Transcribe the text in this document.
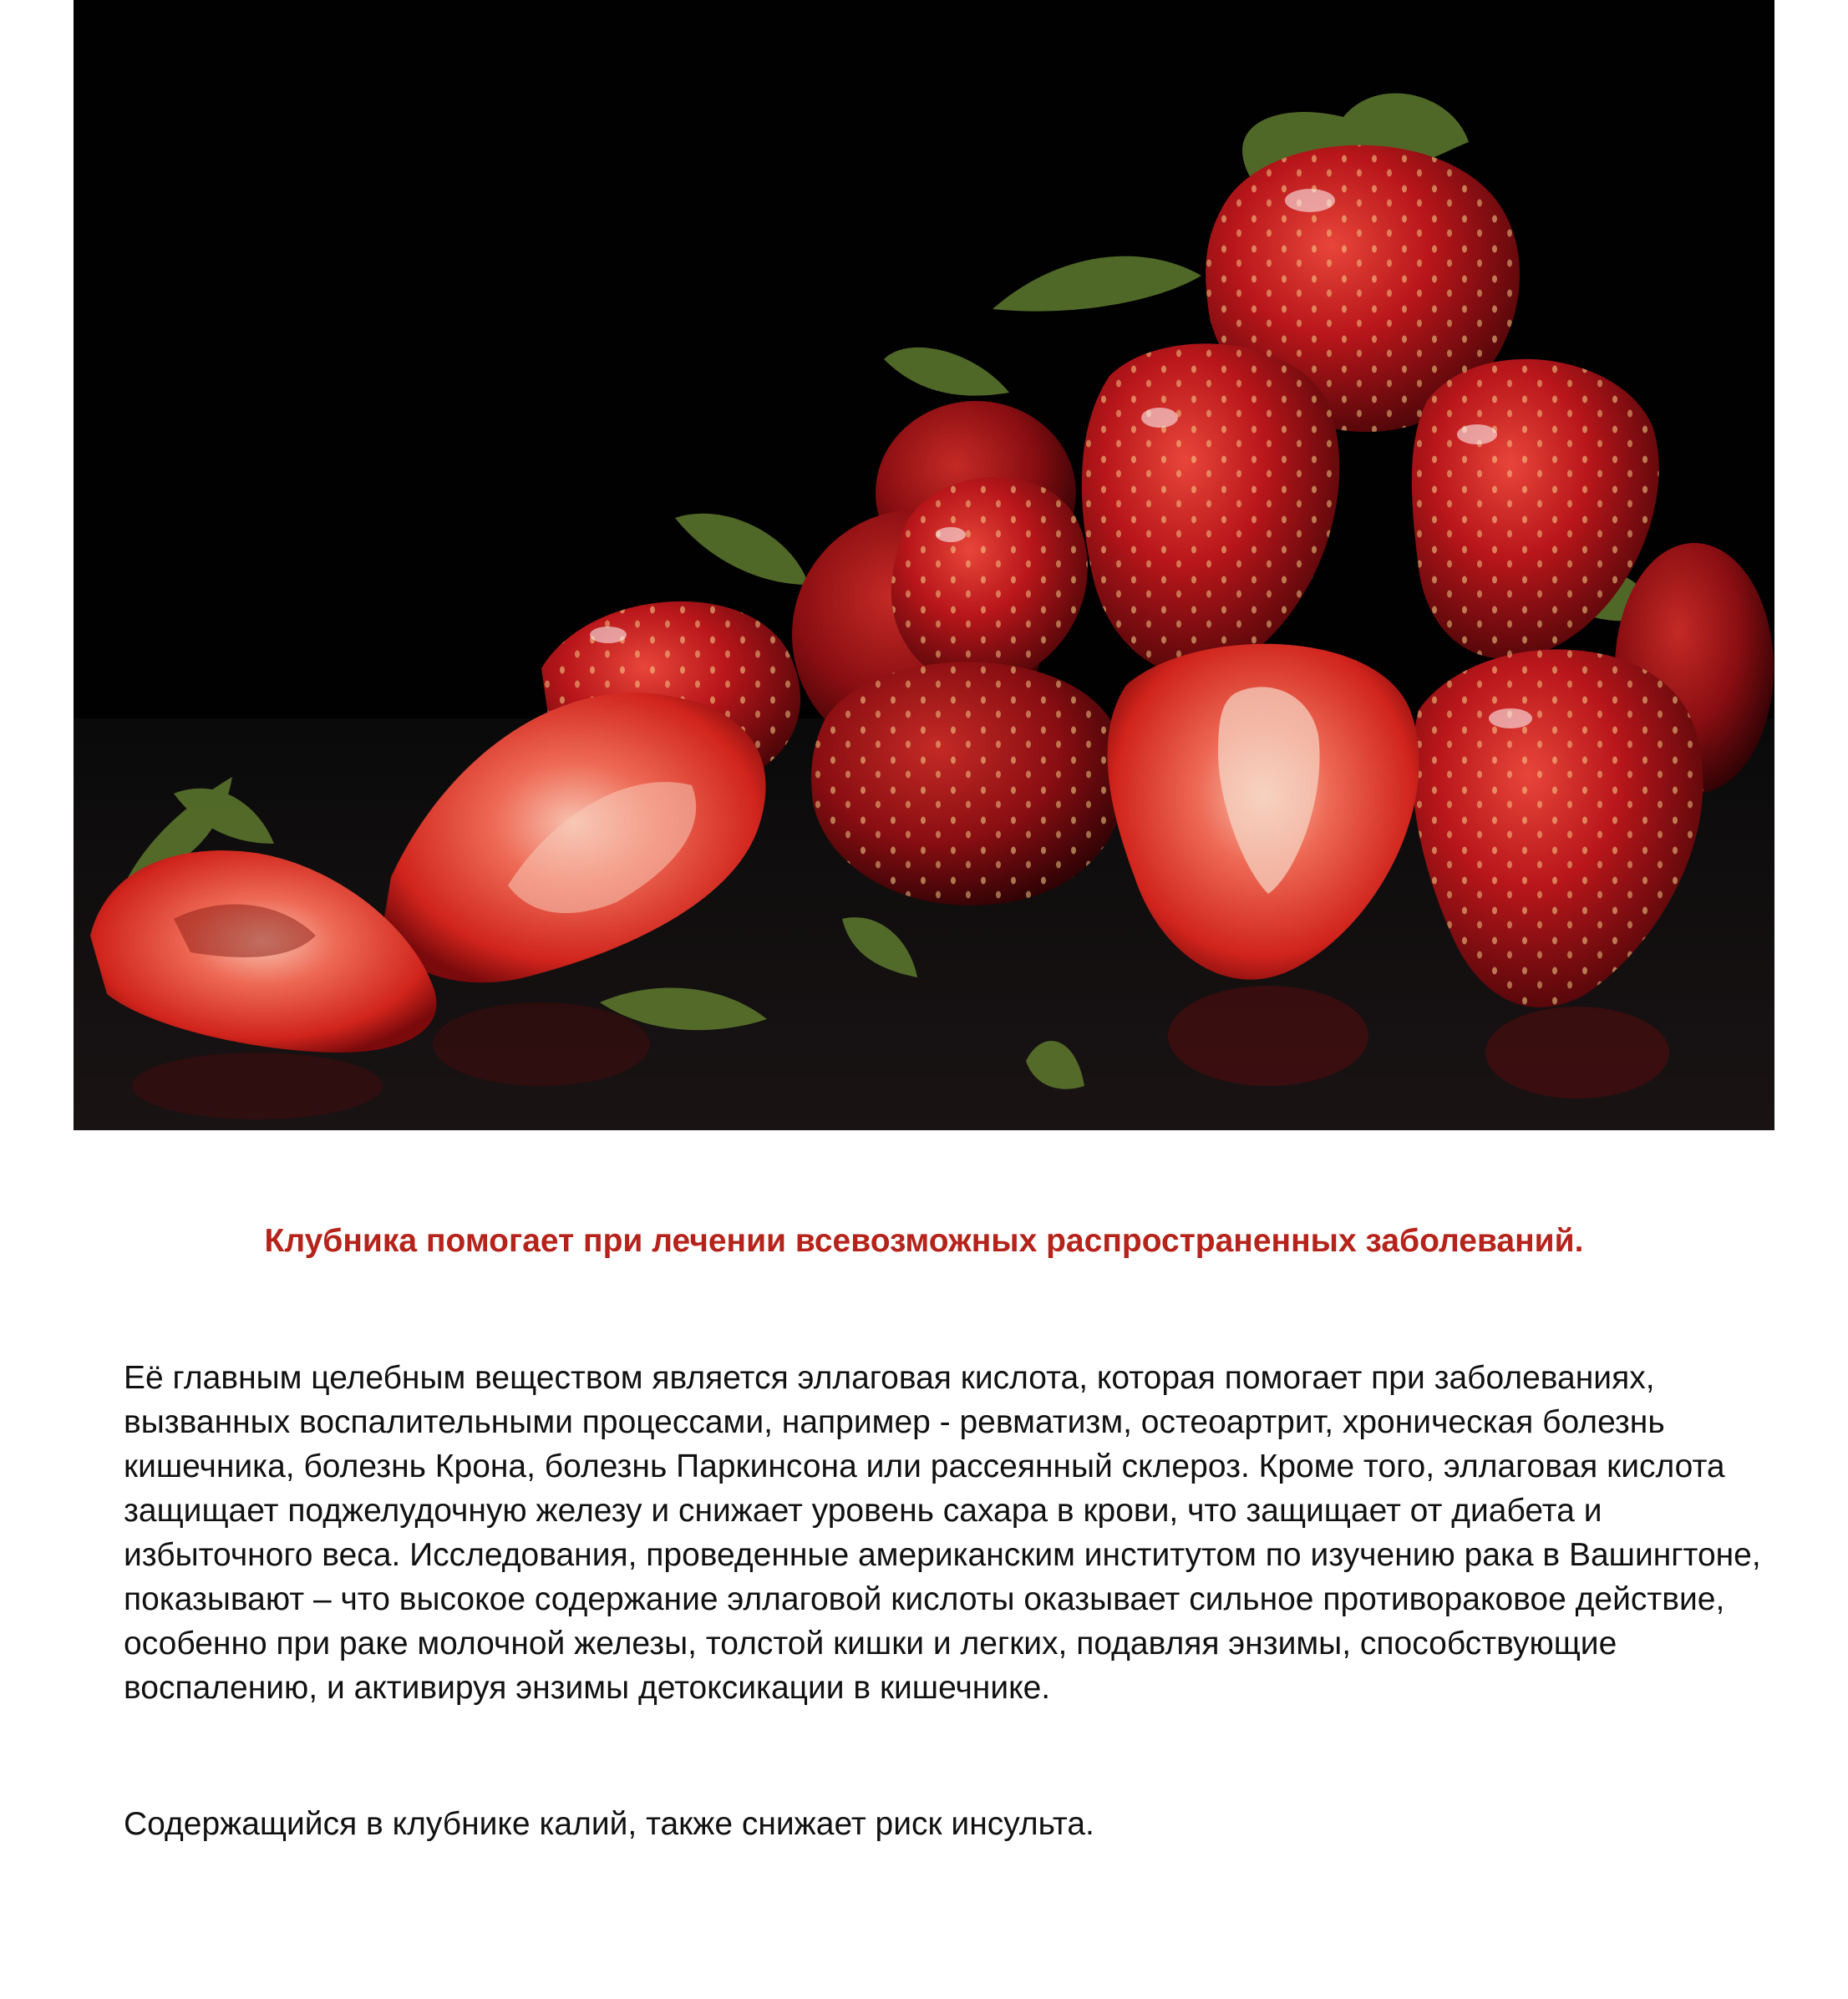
Клубника помогает при лечении всевозможных распространенных заболеваний.

Её главным целебным веществом является эллаговая кислота, которая помогает при заболеваниях, вызванных воспалительными процессами, например - ревматизм, остеоартрит, хроническая болезнь кишечника, болезнь Крона, болезнь Паркинсона или рассеянный склероз. Кроме того, эллаговая кислота защищает поджелудочную железу и снижает уровень сахара в крови, что защищает от диабета и избыточного веса. Исследования, проведенные американским институтом по изучению рака в Вашингтоне, показывают – что высокое содержание эллаговой кислоты оказывает сильное противораковое действие, особенно при раке молочной железы, толстой кишки и легких, подавляя энзимы, способствующие воспалению, и активируя энзимы детоксикации в кишечнике.

Содержащийся в клубнике калий, также снижает риск инсульта.
